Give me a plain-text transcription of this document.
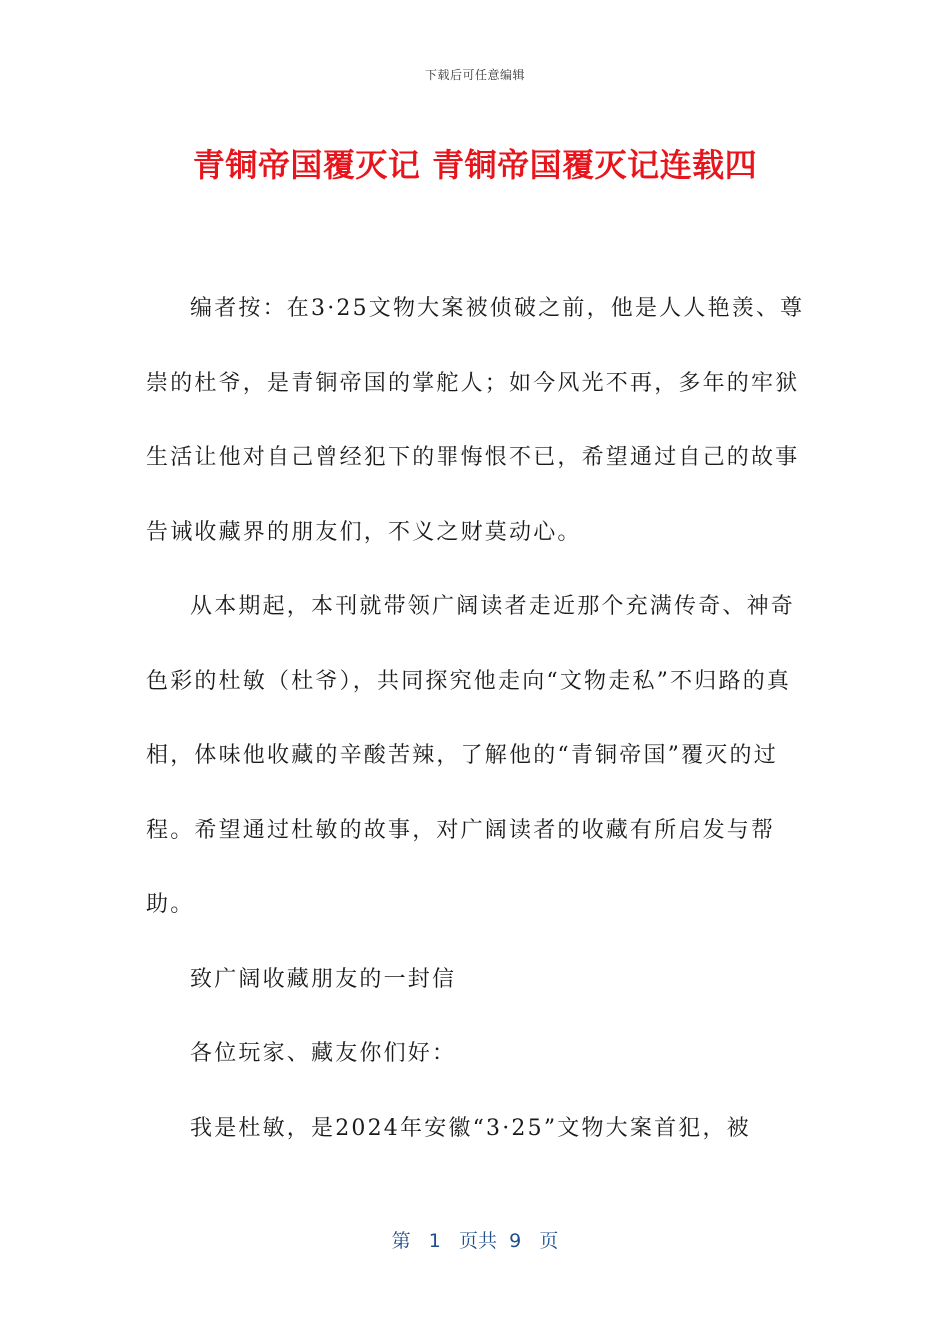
下载后可任意编辑
青铜帝国覆灭记 青铜帝国覆灭记连载四

编者按：在3·25文物大案被侦破之前，他是人人艳羡、尊崇的杜爷，是青铜帝国的掌舵人；如今风光不再，多年的牢狱生活让他对自己曾经犯下的罪悔恨不已，希望通过自己的故事告诫收藏界的朋友们，不义之财莫动心。

从本期起，本刊就带领广阔读者走近那个充满传奇、神奇色彩的杜敏（杜爷），共同探究他走向“文物走私”不归路的真相，体味他收藏的辛酸苦辣，了解他的“青铜帝国”覆灭的过程。希望通过杜敏的故事，对广阔读者的收藏有所启发与帮助。

致广阔收藏朋友的一封信

各位玩家、藏友你们好：

我是杜敏，是2024年安徽“3·25”文物大案首犯，被

第 1 页共 9 页
